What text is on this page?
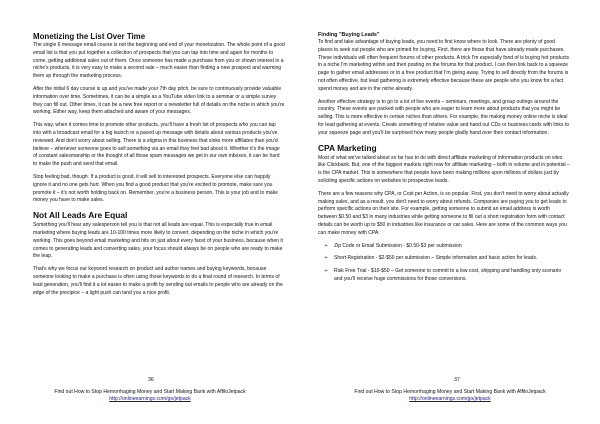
Monetizing the List Over Time

The single 6 message email course is not the beginning and end of your monetization. The whole point of a good email list is that you put together a collection of prospects that you can tap into time and again for months to come, getting additional sales out of them. Once someone has made a purchase from you or shown interest in a niche's products, it is very easy to make a second sale – much easier than finding a new prospect and warming them up through the marketing process.

After the initial 6 day course is up and you've made your 7th day pitch, be sure to continuously provide valuable information over time. Sometimes, it can be a simple as a YouTube video link to a seminar or a simple survey they can fill out. Other times, it can be a new free report or a newsletter full of details on the niche in which you're working. Either way, keep them attached and aware of your messages.

This way, when it comes time to promote other products, you'll have a fresh list of prospects who you can tap into with a broadcast email for a big launch or a paced up message with details about various products you've reviewed. And don't worry about selling. There is a stigma in this business that sinks more affiliates than you'd believe – whenever someone goes to sell something via an email they feel bad about it. Whether it's the image of constant salesmanship or the thought of all those spam messages we get in our own inboxes, it can be hard to make the push and send that email.

Stop feeling bad, though. If a product is good, it will sell to interested prospects. Everyone else can happily ignore it and no one gets hurt. When you find a good product that you're excited to promote, make sure you promote it – it's not worth holding back on. Remember, you're a business person. This is your job and to make money you have to make sales.

Not All Leads Are Equal

Something you'll hear any salesperson tell you is that not all leads are equal. This is especially true in email marketing where buying leads are 10-100 times more likely to convert, depending on the niche in which you're working. This goes beyond email marketing and hits on just about every facet of your business, because when it comes to generating leads and converting sales, your focus should always be on people who are ready to make the leap.

That's why we focus our keyword research on product and author names and buying keywords, because someone looking to make a purchase is often using those keywords to do a final round of research. In terms of lead generation, you'll find it a lot easier to make a profit by sending out emails to people who are already on the edge of the precipice – a light push can land you a nice profit.

36
Find out How to Stop Hemorrhaging Money and Start Making Bank with AffiloJetpack
http://onlineearnings.com/go/jetpack
Finding "Buying Leads"

To find and take advantage of buying leads, you need to first know where to look. There are plenty of good places to seek out people who are primed for buying. First, there are those that have already made purchases. These individuals will often frequent forums of other products. A trick I'm especially fond of is buying hot products in a niche I'm marketing within and then posting on the forums for that product. I can then link back to a squeeze page to gather email addresses or to a free product that I'm giving away. Trying to sell directly from the forums is not often effective, but lead gathering is extremely effective because these are people who you know for a fact spend money and are in the niche already.

Another effective strategy is to go to a lot of live events – seminars, meetings, and group outings around the country. These events are packed with people who are eager to learn more about products that you might be selling. This is more effective in certain niches than others. For example, the making money online niche is ideal for lead gathering at events. Create something of relative value and hand out CDs or business cards with links to your squeeze page and you'll be surprised how many people gladly hand over their contact information.

CPA Marketing

Most of what we've talked about so far has to do with direct affiliate marketing of information products on sites like Clickbank. But, one of the biggest markets right now for affiliate marketing – both in volume and in potential – is the CPA market. This is somewhere that people have been making millions upon millions of dollars just by soliciting specific actions on websites to prospective leads.

There are a few reasons why CPA, or Cost per Action, is so popular. First, you don't need to worry about actually making sales, and as a result, you don't need to worry about refunds. Companies are paying you to get leads to perform specific actions on their site. For example, getting someone to submit an email address is worth between $0.50 and $3 in many industries while getting someone to fill out a short registration form with contact details can be worth up to $50 in industries like insurance or car sales. Here are some of the common ways you can make money with CPA:

➢ Zip Code or Email Submission - $0.50-$3 per submission
➢ Short Registration - $2-$50 per submission – Simple information and basic action for leads.
➢ Risk Free Trial - $10-$50 – Get someone to commit to a low cost, shipping and handling only scenario and you'll receive huge commissions for those conversions.
37
Find out How to Stop Hemorrhaging Money and Start Making Bank with AffiloJetpack
http://onlineearnings.com/go/jetpack
